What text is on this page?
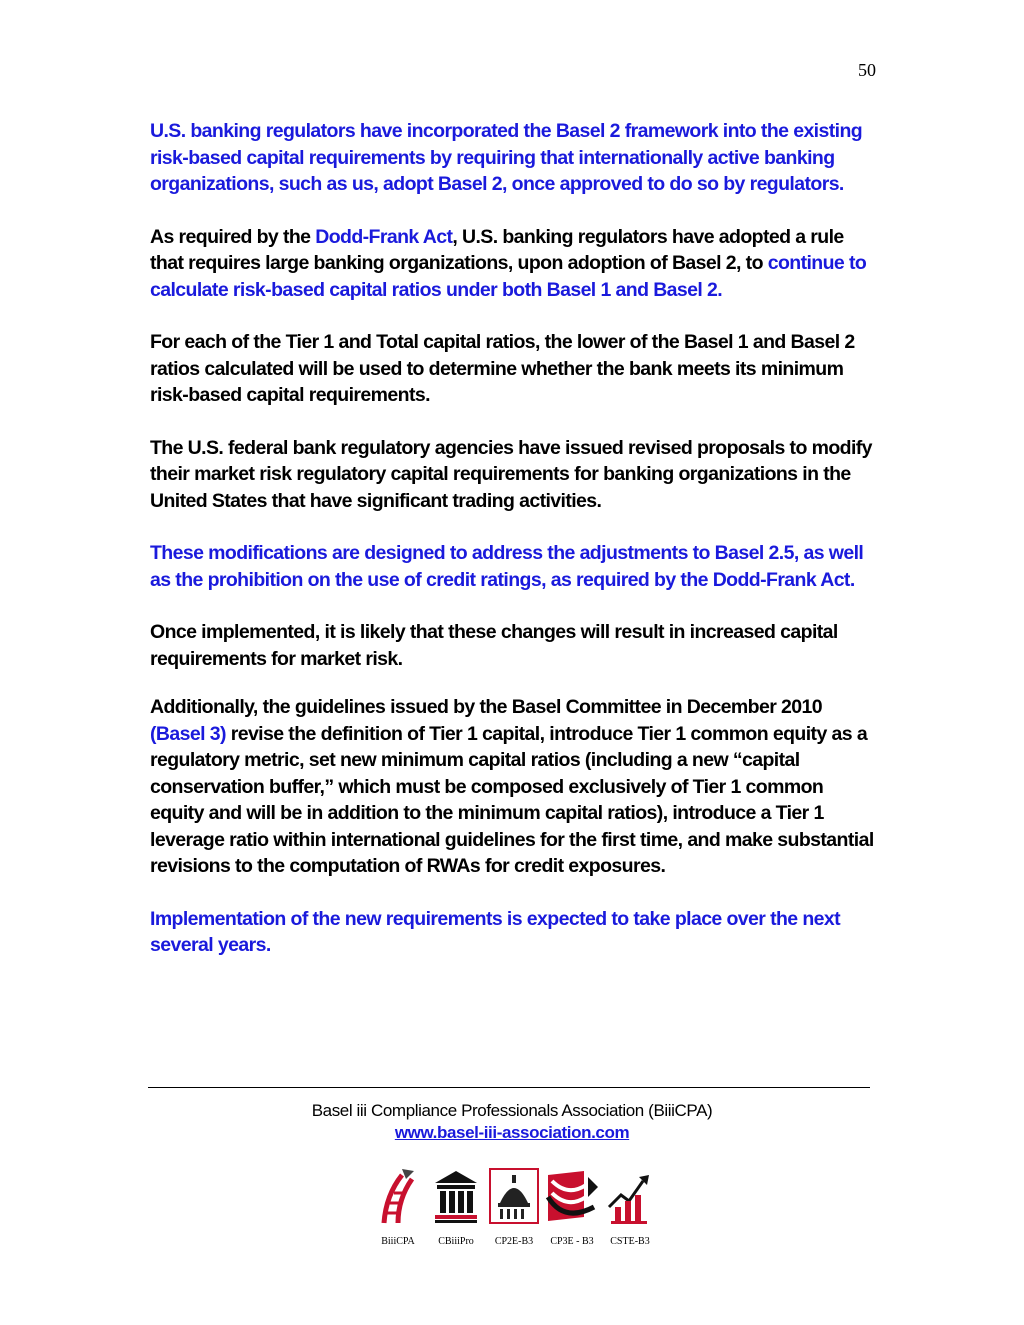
50

U.S. banking regulators have incorporated the Basel 2 framework into the existing risk-based capital requirements by requiring that internationally active banking organizations, such as us, adopt Basel 2, once approved to do so by regulators.

As required by the Dodd-Frank Act, U.S. banking regulators have adopted a rule that requires large banking organizations, upon adoption of Basel 2, to continue to calculate risk-based capital ratios under both Basel 1 and Basel 2.

For each of the Tier 1 and Total capital ratios, the lower of the Basel 1 and Basel 2 ratios calculated will be used to determine whether the bank meets its minimum risk-based capital requirements.

The U.S. federal bank regulatory agencies have issued revised proposals to modify their market risk regulatory capital requirements for banking organizations in the United States that have significant trading activities.

These modifications are designed to address the adjustments to Basel 2.5, as well as the prohibition on the use of credit ratings, as required by the Dodd-Frank Act.

Once implemented, it is likely that these changes will result in increased capital requirements for market risk.

Additionally, the guidelines issued by the Basel Committee in December 2010 (Basel 3) revise the definition of Tier 1 capital, introduce Tier 1 common equity as a regulatory metric, set new minimum capital ratios (including a new “capital conservation buffer,” which must be composed exclusively of Tier 1 common equity and will be in addition to the minimum capital ratios), introduce a Tier 1 leverage ratio within international guidelines for the first time, and make substantial revisions to the computation of RWAs for credit exposures.

Implementation of the new requirements is expected to take place over the next several years.

Basel iii Compliance Professionals Association (BiiiCPA)
www.basel-iii-association.com
BiiiCPA	CBiiiPro	CP2E-B3	CP3E - B3	CSTE-B3
